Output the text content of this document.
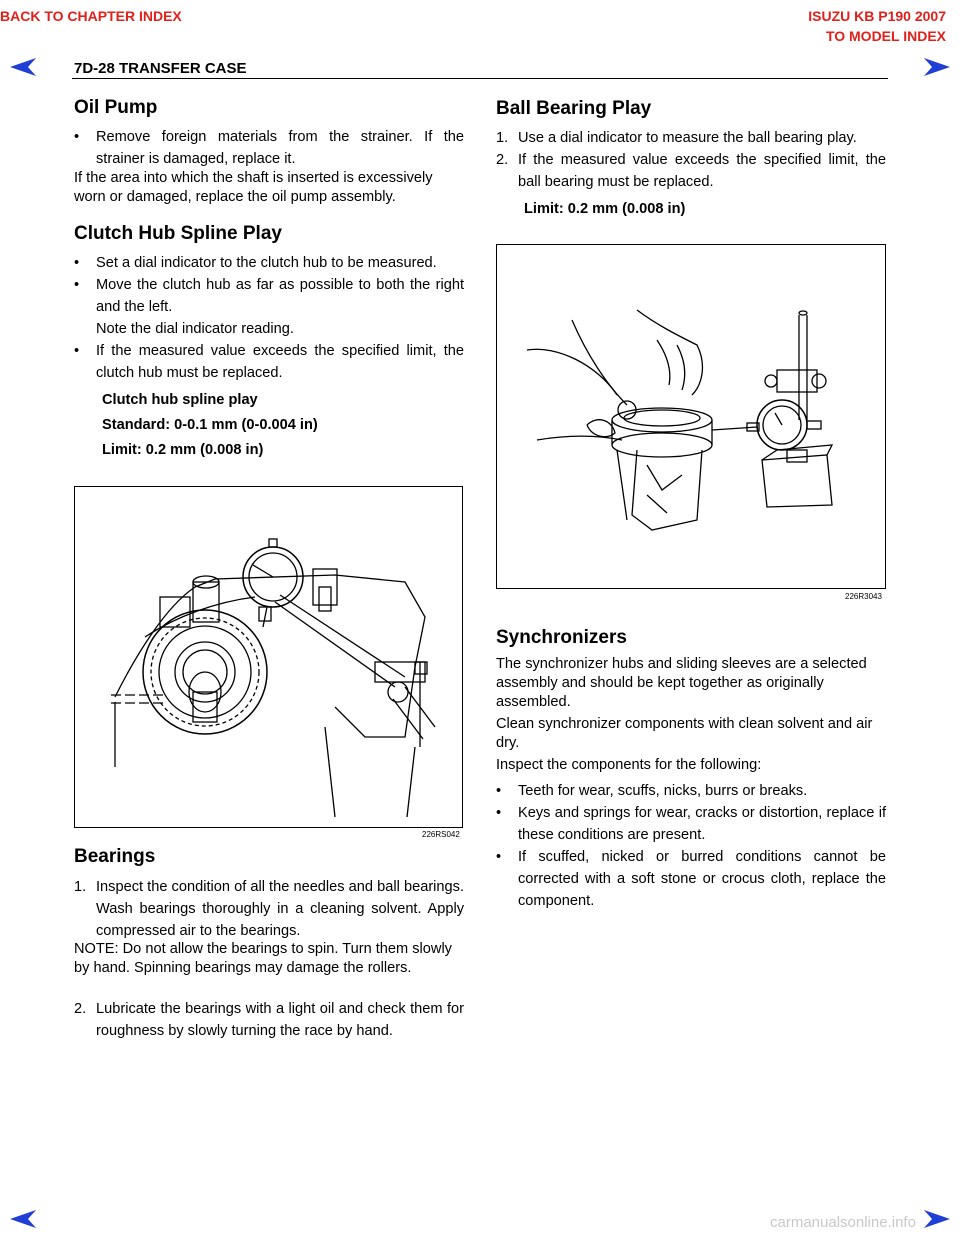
BACK TO CHAPTER INDEX	ISUZU KB P190 2007
TO MODEL INDEX
7D-28 TRANSFER CASE
Oil Pump
• Remove foreign materials from the strainer. If the strainer is damaged, replace it.
If the area into which the shaft is inserted is excessively worn or damaged, replace the oil pump assembly.
Clutch Hub Spline Play
• Set a dial indicator to the clutch hub to be measured.
• Move the clutch hub as far as possible to both the right and the left.
Note the dial indicator reading.
• If the measured value exceeds the specified limit, the clutch hub must be replaced.
Clutch hub spline play
Standard: 0-0.1 mm (0-0.004 in)
Limit: 0.2 mm (0.008 in)
226RS042
Bearings
1. Inspect the condition of all the needles and ball bearings. Wash bearings thoroughly in a cleaning solvent. Apply compressed air to the bearings.
NOTE: Do not allow the bearings to spin. Turn them slowly by hand. Spinning bearings may damage the rollers.
2. Lubricate the bearings with a light oil and check them for roughness by slowly turning the race by hand.
Ball Bearing Play
1. Use a dial indicator to measure the ball bearing play.
2. If the measured value exceeds the specified limit, the ball bearing must be replaced.
Limit: 0.2 mm (0.008 in)
226R3043
Synchronizers
The synchronizer hubs and sliding sleeves are a selected assembly and should be kept together as originally assembled.
Clean synchronizer components with clean solvent and air dry.
Inspect the components for the following:
• Teeth for wear, scuffs, nicks, burrs or breaks.
• Keys and springs for wear, cracks or distortion, replace if these conditions are present.
• If scuffed, nicked or burred conditions cannot be corrected with a soft stone or crocus cloth, replace the component.
carmanualsonline.info
